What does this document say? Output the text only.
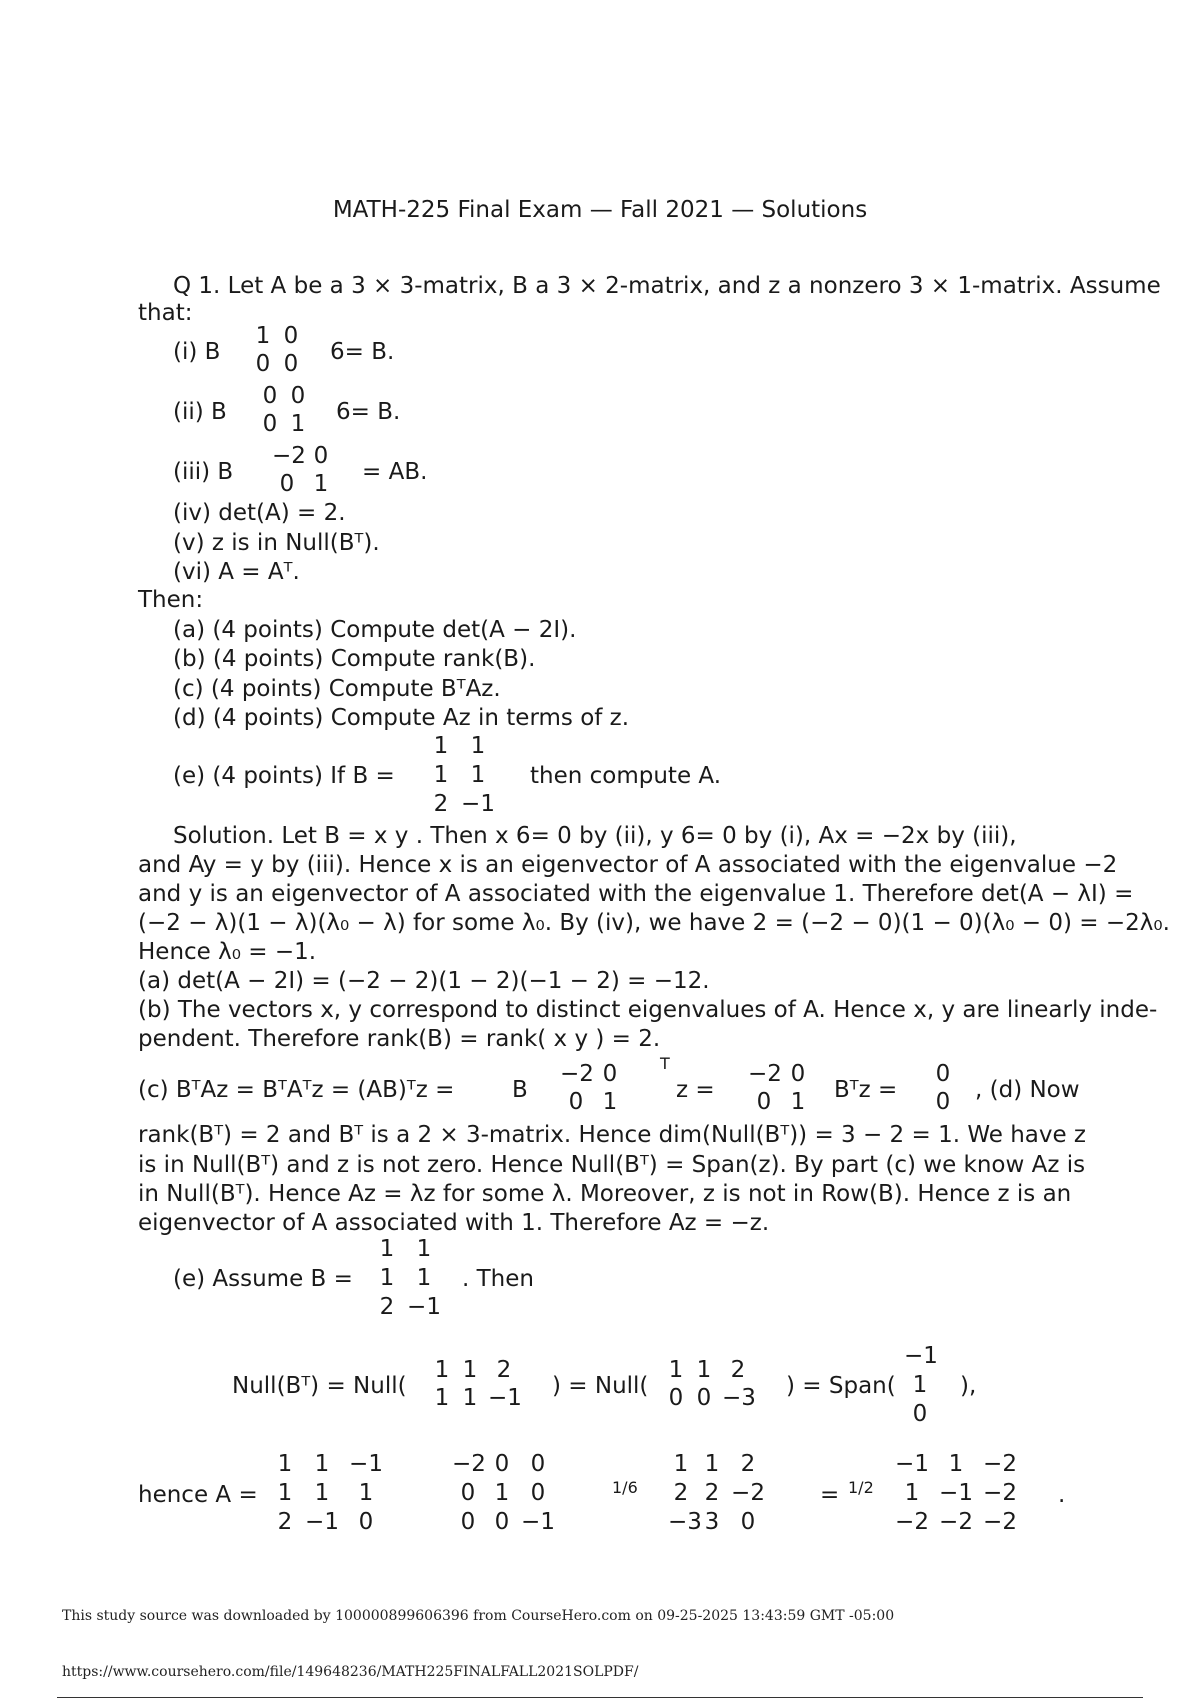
MATH-225 Final Exam — Fall 2021 — Solutions
Q 1. Let A be a 3 × 3-matrix, B a 3 × 2-matrix, and z a nonzero 3 × 1-matrix. Assume
that:
(i) B
1 0
0 0 6= B.
(ii) B
0 0
0 1 6= B.
(iii) B
−2 0
0 1	= AB.
(iv) det(A) = 2.
(v) z is in Null(Bᵀ).
(vi) A = Aᵀ.
Then:
(a) (4 points) Compute det(A − 2I).
(b) (4 points) Compute rank(B).
(c) (4 points) Compute BᵀAz.
(d) (4 points) Compute Az in terms of z.
(e) (4 points) If B =
1 1
1 1
2 −1
then compute A.
Solution. Let B = x y . Then x 6= 0 by (ii), y 6= 0 by (i), Ax = −2x by (iii),
and Ay = y by (iii). Hence x is an eigenvector of A associated with the eigenvalue −2
and y is an eigenvector of A associated with the eigenvalue 1. Therefore det(A − λI) =
(−2 − λ)(1 − λ)(λ₀ − λ) for some λ₀. By (iv), we have 2 = (−2 − 0)(1 − 0)(λ₀ − 0) = −2λ₀.
Hence λ₀ = −1.
(a) det(A − 2I) = (−2 − 2)(1 − 2)(−1 − 2) = −12.
(b) The vectors x, y correspond to distinct eigenvalues of A. Hence x, y are linearly inde-
pendent. Therefore rank(B) = rank( x y ) = 2.
(c) BᵀAz = BᵀAᵀz = (AB)ᵀz =	B
−2 0
0 1
T
z =
−2 0
0 1 Bᵀz =
0
0	, (d) Now
rank(Bᵀ) = 2 and Bᵀ is a 2 × 3-matrix. Hence dim(Null(Bᵀ)) = 3 − 2 = 1. We have z
is in Null(Bᵀ) and z is not zero. Hence Null(Bᵀ) = Span(z). By part (c) we know Az is
in Null(Bᵀ). Hence Az = λz for some λ. Moreover, z is not in Row(B). Hence z is an
eigenvector of A associated with 1. Therefore Az = −z.
(e) Assume B =
1 1
1 1
2 −1
. Then
Null(Bᵀ) = Null(
1 1 2
1 1 −1 ) = Null(
1 1 2
0 0 −3 ) = Span(
−1
1
0
),
hence A =
1 1 −1
1 1	1
2 −1 0
−2 0 0
0 1 0
0 0 −1
1/6
1 1 2
2 2 −2
−3 3 0
= 1/2
−1 1 −2
1 −1 −2
−2 −2 −2
.
This study source was downloaded by 100000899606396 from CourseHero.com on 09-25-2025 13:43:59 GMT -05:00
https://www.coursehero.com/file/149648236/MATH225FINALFALL2021SOLPDF/
